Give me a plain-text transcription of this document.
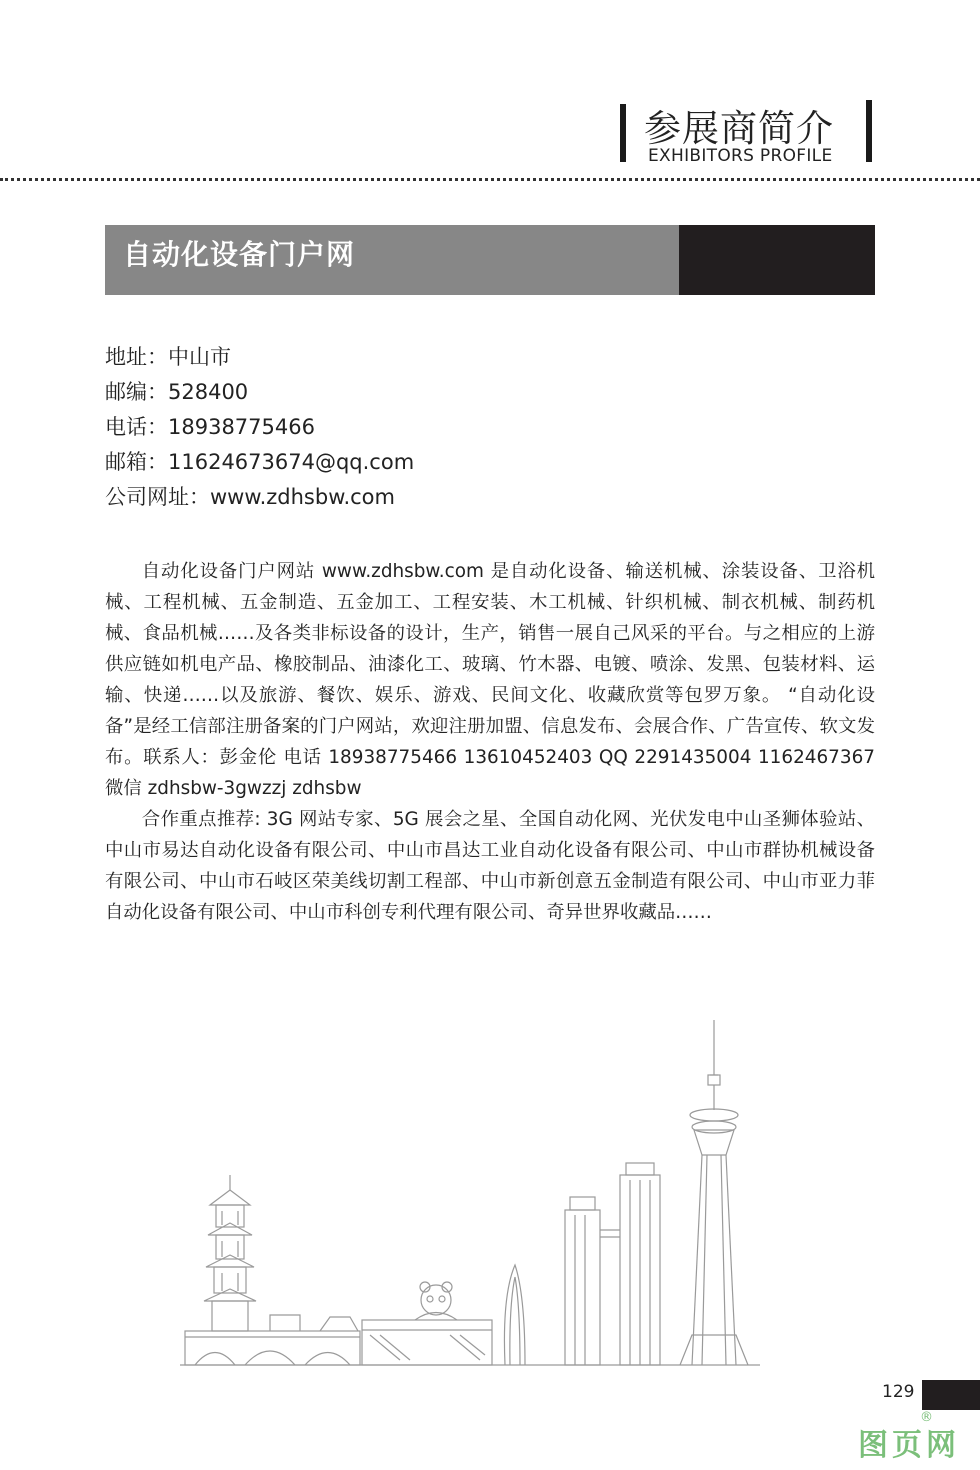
参展商简介
EXHIBITORS PROFILE
自动化设备门户网
地址：中山市
邮编：528400
电话：18938775466
邮箱：11624673674@qq.com
公司网址：www.zdhsbw.com

自动化设备门户网站 www.zdhsbw.com 是自动化设备、输送机械、涂装设备、卫浴机械、工程机械、五金制造、五金加工、工程安装、木工机械、针织机械、制衣机械、制药机械、食品机械……及各类非标设备的设计，生产，销售一展自己风采的平台。与之相应的上游供应链如机电产品、橡胶制品、油漆化工、玻璃、竹木器、电镀、喷涂、发黑、包装材料、运输、快递……以及旅游、餐饮、娱乐、游戏、民间文化、收藏欣赏等包罗万象。 “自动化设备”是经工信部注册备案的门户网站，欢迎注册加盟、信息发布、会展合作、广告宣传、软文发布。联系人：彭金伦 电话 18938775466 13610452403 QQ 2291435004 1162467367 微信 zdhsbw-3gwzzj zdhsbw

合作重点推荐: 3G 网站专家、5G 展会之星、全国自动化网、光伏发电中山圣狮体验站、中山市易达自动化设备有限公司、中山市昌达工业自动化设备有限公司、中山市群协机械设备有限公司、中山市石岐区荣美线切割工程部、中山市新创意五金制造有限公司、中山市亚力菲自动化设备有限公司、中山市科创专利代理有限公司、奇异世界收藏品……

129
图页网
®
